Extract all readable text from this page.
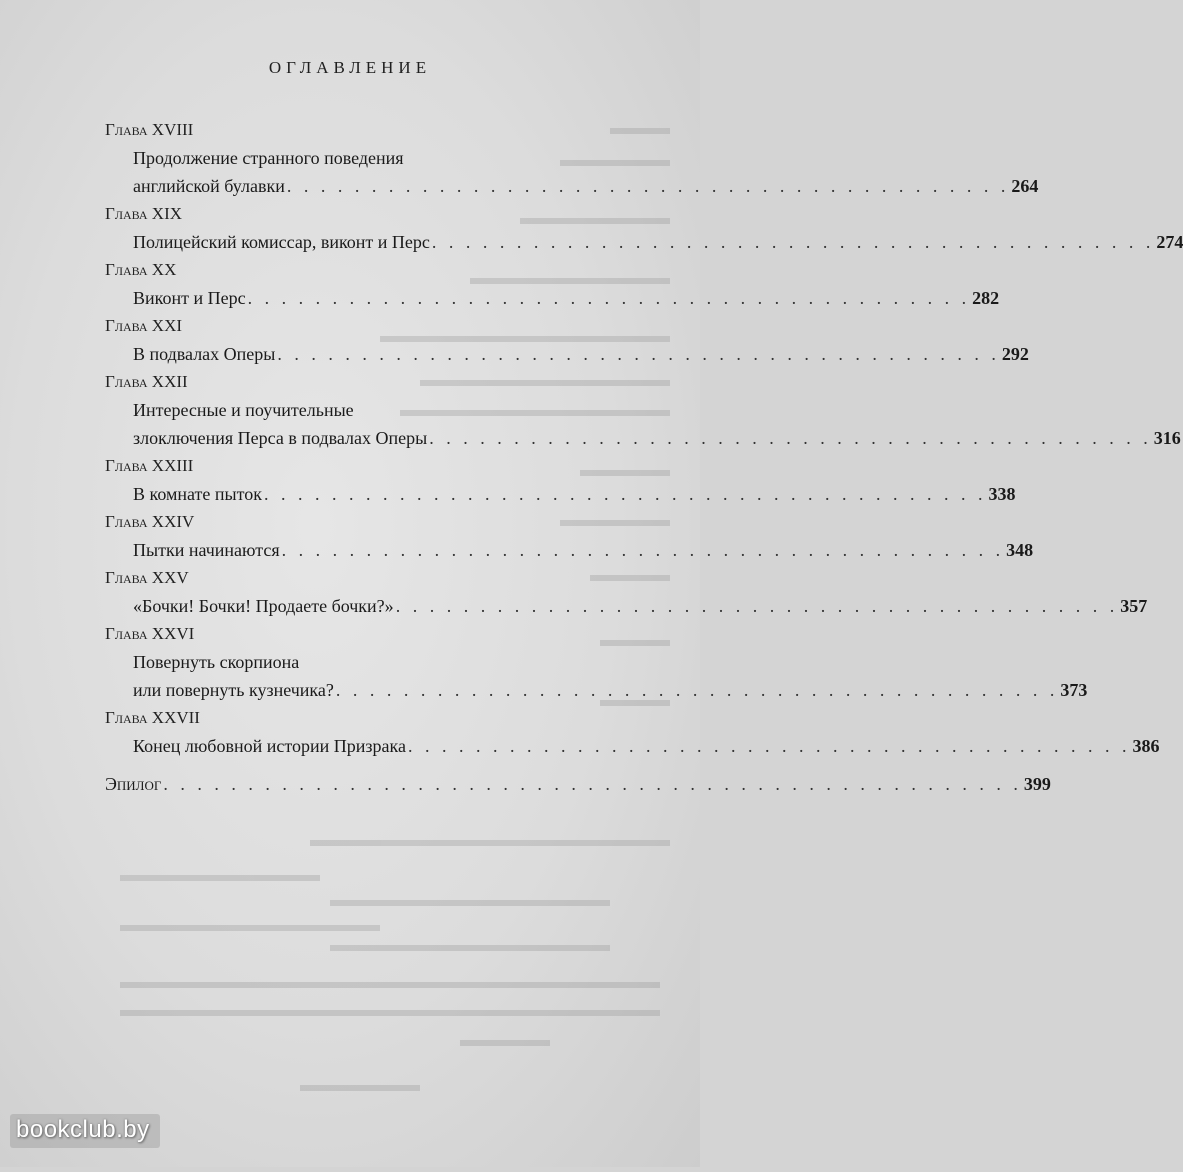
ОГЛАВЛЕНИЕ
Глава XVIII
Продолжение странного поведения
английской булавки . . . . . . . . . . . . . . . . . . . . . . . . . . . . . . . . . . . . . . . . . . . 264
Глава XIX
Полицейский комиссар, виконт и Перс . . . . . . . . . . . . . . . . . . . . . . . . . . . . . . . . . . . . . . . . . . . 274
Глава XX
Виконт и Перс . . . . . . . . . . . . . . . . . . . . . . . . . . . . . . . . . . . . . . . . . . . 282
Глава XXI
В подвалах Оперы . . . . . . . . . . . . . . . . . . . . . . . . . . . . . . . . . . . . . . . . . . . 292
Глава XXII
Интересные и поучительные
злоключения Перса в подвалах Оперы . . . . . . . . . . . . . . . . . . . . . . . . . . . . . . . . . . . . . . . . . . . 316
Глава XXIII
В комнате пыток . . . . . . . . . . . . . . . . . . . . . . . . . . . . . . . . . . . . . . . . . . . 338
Глава XXIV
Пытки начинаются . . . . . . . . . . . . . . . . . . . . . . . . . . . . . . . . . . . . . . . . . . . 348
Глава XXV
«Бочки! Бочки! Продаете бочки?» . . . . . . . . . . . . . . . . . . . . . . . . . . . . . . . . . . . . . . . . . . . 357
Глава XXVI
Повернуть скорпиона
или повернуть кузнечика? . . . . . . . . . . . . . . . . . . . . . . . . . . . . . . . . . . . . . . . . . . . 373
Глава XXVII
Конец любовной истории Призрака . . . . . . . . . . . . . . . . . . . . . . . . . . . . . . . . . . . . . . . . . . . 386
Эпилог . . . . . . . . . . . . . . . . . . . . . . . . . . . . . . . . . . . . . . . . . . . . . . . . . . . 399
bookclub.by
